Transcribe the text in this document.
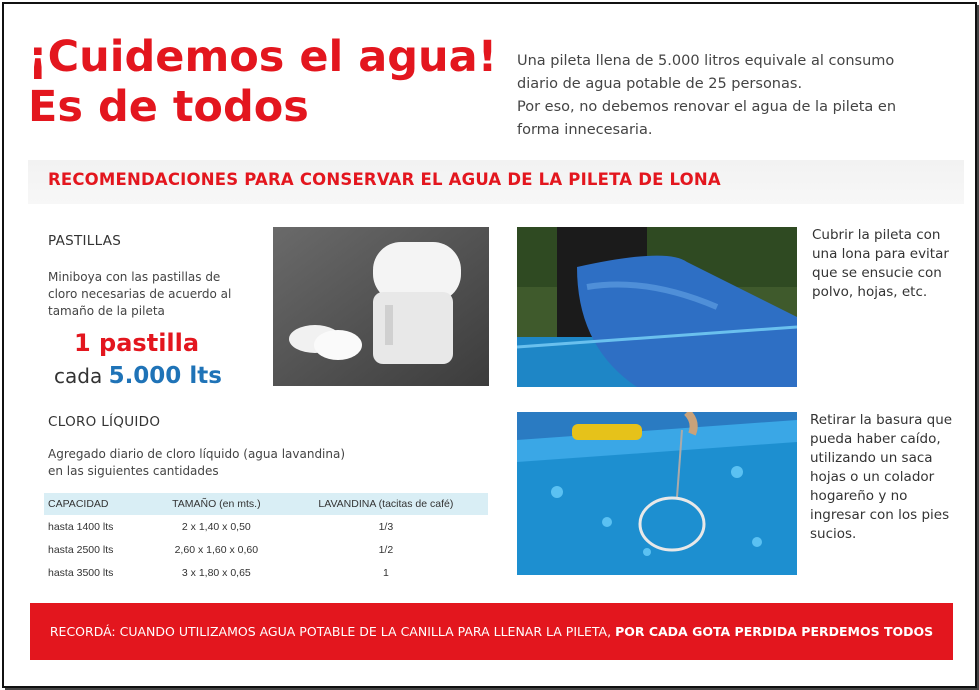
¡Cuidemos el agua!
Es de todos
Una pileta llena de 5.000 litros equivale al consumo
diario de agua potable de 25 personas.
Por eso, no debemos renovar el agua de la pileta en
forma innecesaria.
RECOMENDACIONES PARA CONSERVAR EL AGUA DE LA PILETA DE LONA
PASTILLAS
Miniboya con las pastillas de
cloro necesarias de acuerdo al
tamaño de la pileta
1 pastilla
cada 5.000 lts
Cubrir la pileta con
una lona para evitar
que se ensucie con
polvo, hojas, etc.
CLORO LÍQUIDO
Agregado diario de cloro líquido (agua lavandina)
en las siguientes cantidades
CAPACIDAD	TAMAÑO (en mts.)	LAVANDINA (tacitas de café)
hasta 1400 lts	2 x 1,40 x 0,50	1/3
hasta 2500 lts	2,60 x 1,60 x 0,60	1/2
hasta 3500 lts	3 x 1,80 x 0,65	1
Retirar la basura que
pueda haber caído,
utilizando un saca
hojas o un colador
hogareño y no
ingresar con los pies
sucios.
RECORDÁ: CUANDO UTILIZAMOS AGUA POTABLE DE LA CANILLA PARA LLENAR LA PILETA, POR CADA GOTA PERDIDA PERDEMOS TODOS
